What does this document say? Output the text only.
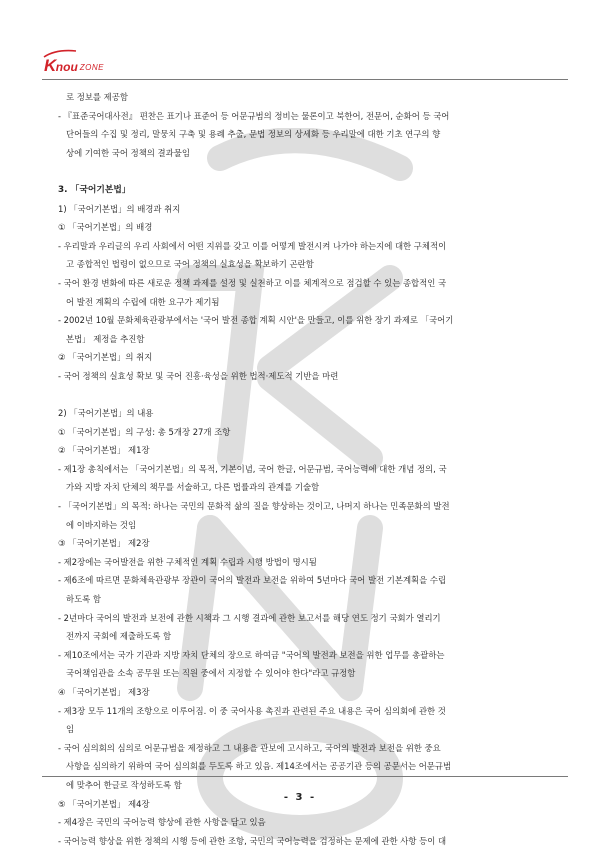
K nou ZONE
로 정보를 제공함
- 『표준국어대사전』 편찬은 표기나 표준어 등 어문규범의 정비는 물론이고 북한어, 전문어, 순화어 등 국어
단어들의 수집 및 정리, 말뭉치 구축 및 용례 추출, 문법 정보의 상세화 등 우리말에 대한 기초 연구의 향
상에 기여한 국어 정책의 결과물임
3. 「국어기본법」
1) 「국어기본법」의 배경과 취지
① 「국어기본법」의 배경
- 우리말과 우리글의 우리 사회에서 어떤 지위를 갖고 이를 어떻게 발전시켜 나가야 하는지에 대한 구체적이
고 종합적인 법령이 없으므로 국어 정책의 실효성을 확보하기 곤란함
- 국어 환경 변화에 따른 새로운 정책 과제를 설정 및 실천하고 이를 체계적으로 점검할 수 있는 종합적인 국
어 발전 계획의 수립에 대한 요구가 제기됨
- 2002년 10월 문화체육관광부에서는 '국어 발전 종합 계획 시안'을 만들고, 이를 위한 장기 과제로 「국어기
본법」 제정을 추진함
② 「국어기본법」의 취지
- 국어 정책의 실효성 확보 및 국어 진흥·육성을 위한 법적·제도적 기반을 마련
2) 「국어기본법」의 내용
① 「국어기본법」의 구성: 총 5개장 27개 조항
② 「국어기본법」 제1장
- 제1장 총칙에서는 「국어기본법」의 목적, 기본이념, 국어 한글, 어문규범, 국어능력에 대한 개념 정의, 국
가와 지방 자치 단체의 책무를 서술하고, 다른 법률과의 관계를 기술함
- 「국어기본법」의 목적: 하나는 국민의 문화적 삶의 질을 향상하는 것이고, 나머지 하나는 민족문화의 발전
에 이바지하는 것임
③ 「국어기본법」 제2장
- 제2장에는 국어발전을 위한 구체적인 계획 수립과 시행 방법이 명시됨
- 제6조에 따르면 문화체육관광부 장관이 국어의 발전과 보전을 위하여 5년마다 국어 발전 기본계획을 수립
하도록 함
- 2년마다 국어의 발전과 보전에 관한 시책과 그 시행 결과에 관한 보고서를 해당 연도 정기 국회가 열리기
전까지 국회에 제출하도록 함
- 제10조에서는 국가 기관과 지방 자치 단체의 장으로 하여금 "국어의 발전과 보전을 위한 업무를 총괄하는
국어책임관을 소속 공무원 또는 직원 중에서 지정할 수 있어야 한다"라고 규정함
④ 「국어기본법」 제3장
- 제3장 모두 11개의 조항으로 이루어짐. 이 중 국어사용 촉진과 관련된 주요 내용은 국어 심의회에 관한 것
임
- 국어 심의회의 심의로 어문규범을 제정하고 그 내용을 관보에 고시하고, 국어의 발전과 보전을 위한 중요
사항을 심의하기 위하여 국어 심의회를 두도록 하고 있음. 제14조에서는 공공기관 등의 공문서는 어문규범
에 맞추어 한글로 작성하도록 함
⑤ 「국어기본법」 제4장
- 제4장은 국민의 국어능력 향상에 관한 사항을 담고 있음
- 국어능력 향상을 위한 정책의 시행 등에 관한 조항, 국민의 국어능력을 검정하는 문제에 관한 사항 등이 대
- 3 -
